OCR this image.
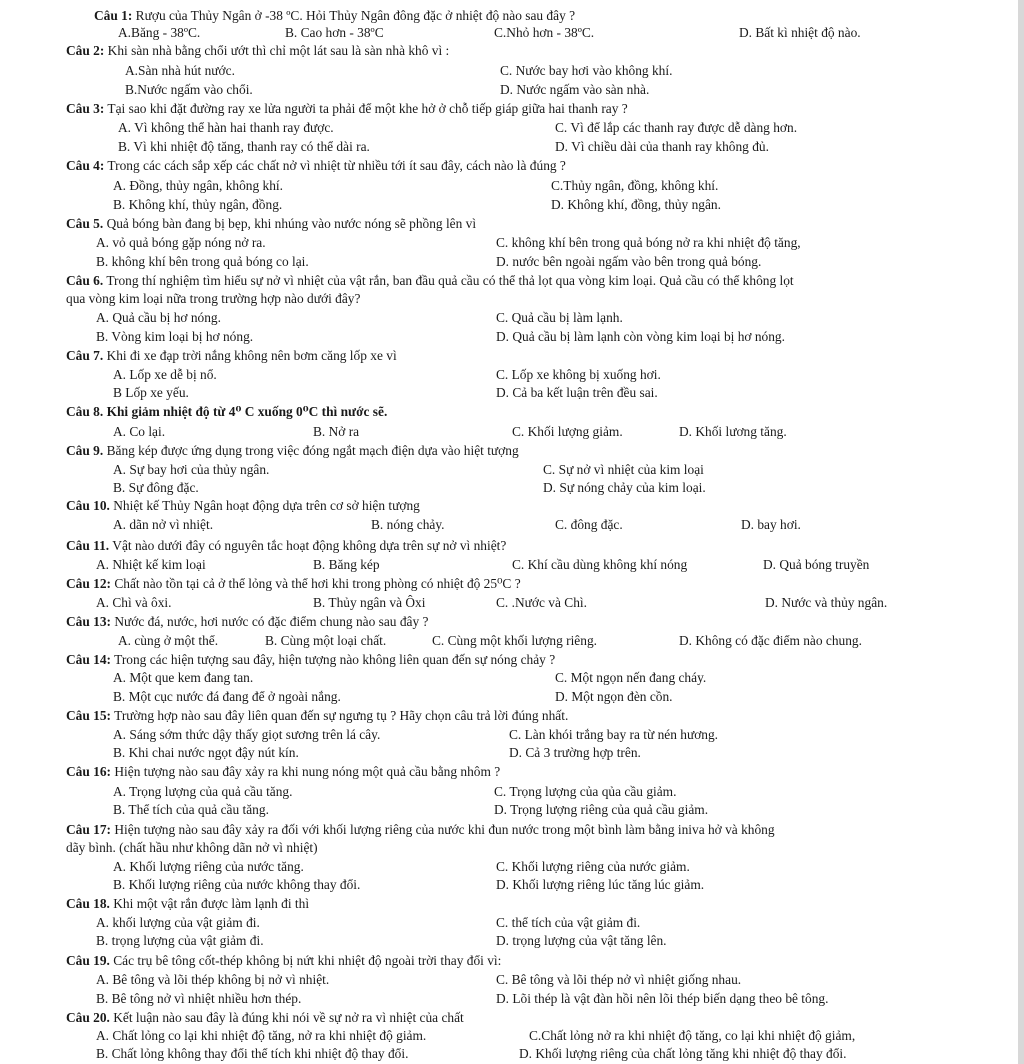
Câu 1: Rượu của Thủy Ngân ở -38 ºC. Hỏi Thủy Ngân đông đặc ở nhiệt độ nào sau đây ?
A.Băng - 38ºC.	B. Cao hơn - 38ºC	C.Nhỏ hơn - 38ºC.	D. Bất kì nhiệt độ nào.
Câu 2: Khi sàn nhà bằng chổi ướt thì chỉ một lát sau là sàn nhà khô vì :
A.Sàn nhà hút nước.	C. Nước bay hơi vào không khí.
B.Nước ngấm vào chổi.	D. Nước ngấm vào sàn nhà.
Câu 3: Tại sao khi đặt đường ray xe lửa người ta phải để một khe hở ở chỗ tiếp giáp giữa hai thanh ray ?
A. Vì không thể hàn hai thanh ray được.	C. Vì để lắp các thanh ray được dễ dàng hơn.
B. Vì khi nhiệt độ tăng, thanh ray có thể dài ra.	D. Vì chiều dài của thanh ray không đủ.
Câu 4: Trong các cách sắp xếp các chất nở vì nhiệt từ nhiều tới ít sau đây, cách nào là đúng ?
A. Đồng, thủy ngân, không khí.	C.Thủy ngân, đồng, không khí.
B. Không khí, thủy ngân, đồng.	D. Không khí, đồng, thủy ngân.
Câu 5. Quả bóng bàn đang bị bẹp, khi nhúng vào nước nóng sẽ phồng lên vì
A. vỏ quả bóng gặp nóng nở ra.	C. không khí bên trong quả bóng nở ra khi nhiệt độ tăng,
B. không khí bên trong quả bóng co lại.	D. nước bên ngoài ngấm vào bên trong quả bóng.
Câu 6. Trong thí nghiệm tìm hiểu sự nở vì nhiệt của vật rắn, ban đầu quả cầu có thể thả lọt qua vòng kim loại. Quả cầu có thể không lọt
qua vòng kim loại nữa trong trường hợp nào dưới đây?
A. Quả cầu bị hơ nóng.	C. Quả cầu bị làm lạnh.
B. Vòng kim loại bị hơ nóng.	D. Quả cầu bị làm lạnh còn vòng kim loại bị hơ nóng.
Câu 7. Khi đi xe đạp trời nắng không nên bơm căng lốp xe vì
A. Lốp xe dễ bị nổ.	C. Lốp xe không bị xuống hơi.
B Lốp xe yếu.	D. Cả ba kết luận trên đều sai.
Câu 8. Khi giảm nhiệt độ từ 4⁰ C xuống 0⁰C thì nước sẽ.
A. Co lại.	B. Nở ra	C. Khối lượng giảm.	D. Khối lương tăng.
Câu 9. Băng kép được ứng dụng trong việc đóng ngắt mạch điện dựa vào hiệt tượng
A. Sự bay hơi của thủy ngân.	C. Sự nở vì nhiệt của kim loại
B. Sự đông đặc.	D. Sự nóng chảy của kim loại.
Câu 10. Nhiệt kế Thủy Ngân hoạt động dựa trên cơ sở hiện tượng
A. dãn nở vì nhiệt.	B. nóng chảy.	C. đông đặc.	D. bay hơi.
Câu 11. Vật nào dưới đây có nguyên tắc hoạt động không dựa trên sự nở vì nhiệt?
A. Nhiệt kế kim loại	B. Băng kép	C. Khí cầu dùng không khí nóng	D. Quả bóng truyền
Câu 12: Chất nào tồn tại cả ở thể lỏng và thể hơi khi trong phòng có nhiệt độ 25⁰C ?
A. Chì và ôxi.	B. Thủy ngân và Ôxi	C. .Nước và Chì.	D. Nước và thủy ngân.
Câu 13: Nước đá, nước, hơi nước có đặc điểm chung nào sau đây ?
A. cùng ở một thể.	B. Cùng một loại chất.	C. Cùng một khối lượng riêng.	D. Không có đặc điểm nào chung.
Câu 14: Trong các hiện tượng sau đây, hiện tượng nào không liên quan đến sự nóng chảy ?
A. Một que kem đang tan.	C. Một ngọn nến đang cháy.
B. Một cục nước đá đang để ở ngoài nắng.	D. Một ngọn đèn cồn.
Câu 15: Trường hợp nào sau đây liên quan đến sự ngưng tụ ? Hãy chọn câu trả lời đúng nhất.
A. Sáng sớm thức dậy thấy giọt sương trên lá cây.	C. Làn khói trắng bay ra từ nén hương.
B. Khi chai nước ngọt đậy nút kín.	D. Cả 3 trường hợp trên.
Câu 16: Hiện tượng nào sau đây xảy ra khi nung nóng một quả cầu bằng nhôm ?
A. Trọng lượng của quả cầu tăng.	C. Trọng lượng của qủa cầu giảm.
B. Thể tích của quả cầu tăng.	D. Trọng lượng riêng của quả cầu giảm.
Câu 17: Hiện tượng nào sau đây xảy ra đối với khối lượng riêng của nước khi đun nước trong một bình làm bằng iniva hở và không
dãy bình. (chất hầu như không dãn nở vì nhiệt)
A. Khối lượng riêng của nước tăng.	C. Khối lượng riêng của nước giảm.
B. Khối lượng riêng của nước không thay đổi.	D. Khối lượng riêng lúc tăng lúc giảm.
Câu 18. Khi một vật rắn được làm lạnh đi thì
A. khối lượng của vật giảm đi.	C. thể tích của vật giảm đi.
B. trọng lượng của vật giảm đi.	D. trọng lượng của vật tăng lên.
Câu 19. Các trụ bê tông cốt-thép không bị nứt khi nhiệt độ ngoài trời thay đổi vì:
A. Bê tông và lõi thép không bị nở vì nhiệt.	C. Bê tông và lõi thép nở vì nhiệt giống nhau.
B. Bê tông nở vì nhiệt nhiều hơn thép.	D. Lõi thép là vật đàn hồi nên lõi thép biến dạng theo bê tông.
Câu 20. Kết luận nào sau đây là đúng khi nói về sự nở ra vì nhiệt của chất
A. Chất lỏng co lại khi nhiệt độ tăng, nở ra khi nhiệt độ giảm.	C.Chất lỏng nở ra khi nhiệt độ tăng, co lại khi nhiệt độ giảm,
B. Chất lỏng không thay đổi thể tích khi nhiệt độ thay đổi.	D. Khối lượng riêng của chất lỏng tăng khi nhiệt độ thay đổi.
